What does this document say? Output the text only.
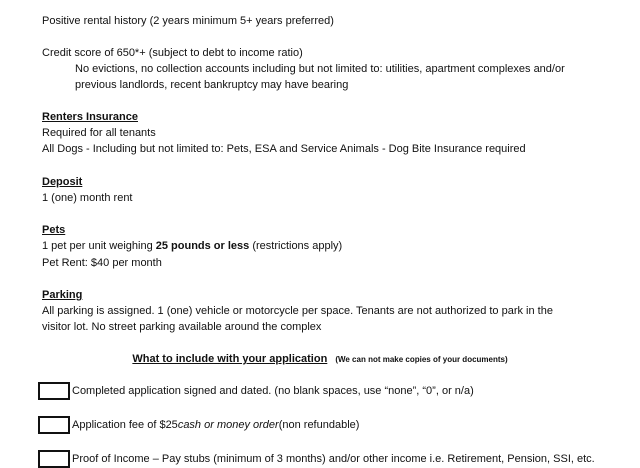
Positive rental history (2 years minimum 5+ years preferred)
Credit score of 650*+ (subject to debt to income ratio)
No evictions, no collection accounts including but not limited to: utilities, apartment complexes and/or
previous landlords, recent bankruptcy may have bearing
Renters Insurance
Required for all tenants
All Dogs - Including but not limited to: Pets, ESA and Service Animals - Dog Bite Insurance required
Deposit
1 (one) month rent
Pets
1 pet per unit weighing 25 pounds or less (restrictions apply)
Pet Rent: $40 per month
Parking
All parking is assigned. 1 (one) vehicle or motorcycle per space. Tenants are not authorized to park in the
visitor lot. No street parking available around the complex
What to include with your application (We can not make copies of your documents)
Completed application signed and dated. (no blank spaces, use “none”, “0”, or n/a)
Application fee of $25 cash or money order (non refundable)
Proof of Income – Pay stubs (minimum of 3 months) and/or other income i.e. Retirement, Pension, SSI, etc.
